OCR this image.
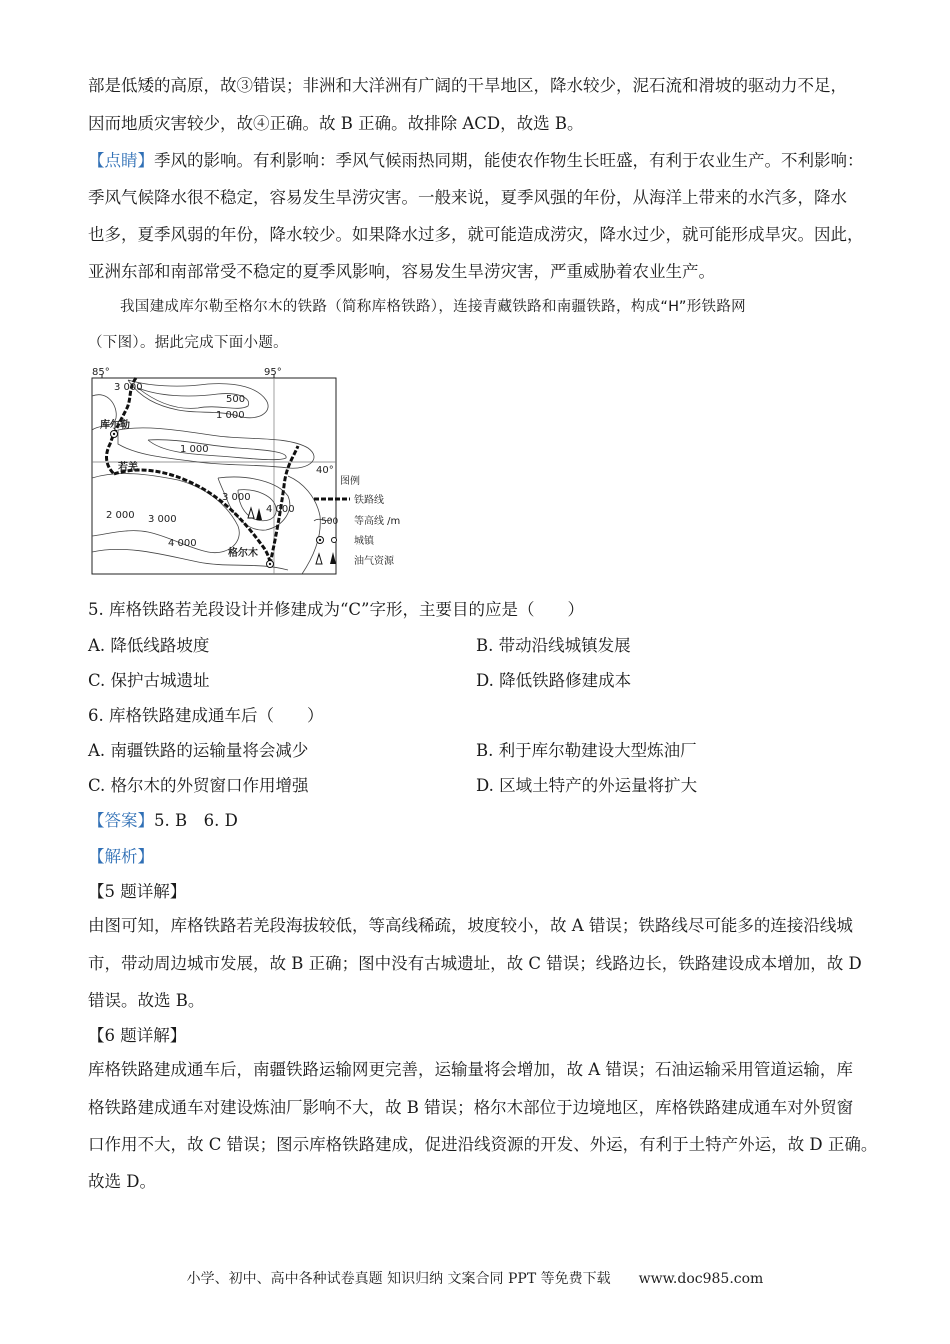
部是低矮的高原，故③错误；非洲和大洋洲有广阔的干旱地区，降水较少，泥石流和滑坡的驱动力不足，
因而地质灾害较少，故④正确。故 B 正确。故排除 ACD，故选 B。
【点睛】季风的影响。有利影响：季风气候雨热同期，能使农作物生长旺盛，有利于农业生产。不利影响：
季风气候降水很不稳定，容易发生旱涝灾害。一般来说，夏季风强的年份，从海洋上带来的水汽多，降水
也多，夏季风弱的年份，降水较少。如果降水过多，就可能造成涝灾，降水过少，就可能形成旱灾。因此，
亚洲东部和南部常受不稳定的夏季风影响，容易发生旱涝灾害，严重威胁着农业生产。
我国建成库尔勒至格尔木的铁路（简称库格铁路），连接青藏铁路和南疆铁路，构成“H”形铁路网
（下图）。据此完成下面小题。
85°	95°
40°
3 000
500
1 000
1 000
3 000
4 000
2 000 3 000
4 000
库尔勒
若羌
格尔木
图例
铁路线
500 等高线 /m
城镇
油气资源
5. 库格铁路若羌段设计并修建成为“C”字形，主要目的应是（　　）
A. 降低线路坡度	B. 带动沿线城镇发展
C. 保护古城遗址	D. 降低铁路修建成本
6. 库格铁路建成通车后（　　）
A. 南疆铁路的运输量将会减少	B. 利于库尔勒建设大型炼油厂
C. 格尔木的外贸窗口作用增强	D. 区域土特产的外运量将扩大
【答案】5. B　6. D
【解析】
【5 题详解】
由图可知，库格铁路若羌段海拔较低，等高线稀疏，坡度较小，故 A 错误；铁路线尽可能多的连接沿线城
市，带动周边城市发展，故 B 正确；图中没有古城遗址，故 C 错误；线路边长，铁路建设成本增加，故 D
错误。故选 B。
【6 题详解】
库格铁路建成通车后，南疆铁路运输网更完善，运输量将会增加，故 A 错误；石油运输采用管道运输，库
格铁路建成通车对建设炼油厂影响不大，故 B 错误；格尔木部位于边境地区，库格铁路建成通车对外贸窗
口作用不大，故 C 错误；图示库格铁路建成，促进沿线资源的开发、外运，有利于土特产外运，故 D 正确。
故选 D。
小学、初中、高中各种试卷真题 知识归纳 文案合同 PPT 等免费下载　　www.doc985.com
